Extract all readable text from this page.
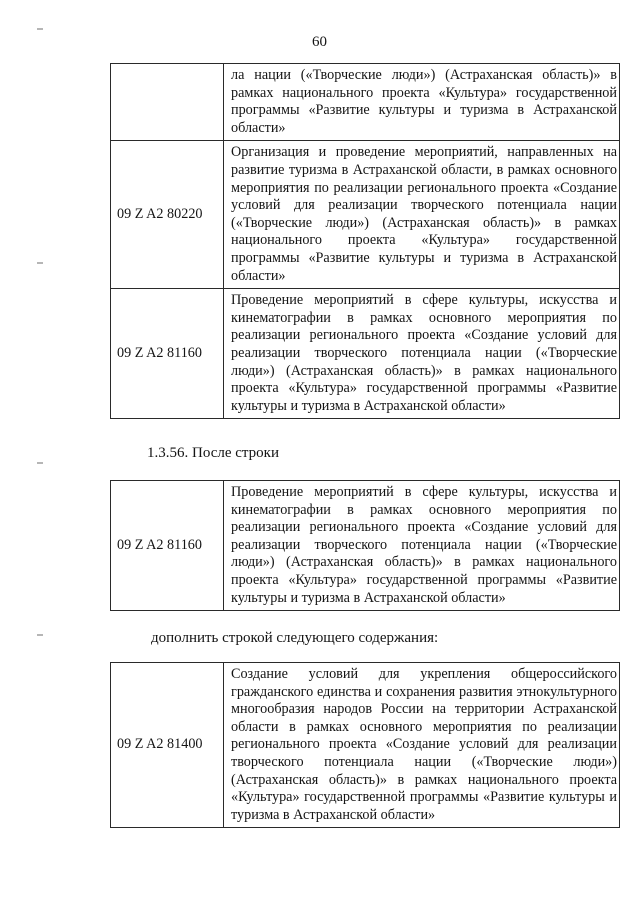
60
	ла нации («Творческие люди») (Астраханская область)» в рамках национального проекта «Культура» государственной программы «Развитие культуры и туризма в Астраханской области»
09 Z A2 80220	Организация и проведение мероприятий, направленных на развитие туризма в Астраханской области, в рамках основного мероприятия по реализации регионального проекта «Создание условий для реализации творческого потенциала нации («Творческие люди») (Астраханская область)» в рамках национального проекта «Культура» государственной программы «Развитие культуры и туризма в Астраханской области»
09 Z A2 81160	Проведение мероприятий в сфере культуры, искусства и кинематографии в рамках основного мероприятия по реализации регионального проекта «Создание условий для реализации творческого потенциала нации («Творческие люди») (Астраханская область)» в рамках национального проекта «Культура» государственной программы «Развитие культуры и туризма в Астраханской области»
1.3.56. После строки
09 Z A2 81160	Проведение мероприятий в сфере культуры, искусства и кинематографии в рамках основного мероприятия по реализации регионального проекта «Создание условий для реализации творческого потенциала нации («Творческие люди») (Астраханская область)» в рамках национального проекта «Культура» государственной программы «Развитие культуры и туризма в Астраханской области»
дополнить строкой следующего содержания:
09 Z A2 81400	Создание условий для укрепления общероссийского гражданского единства и сохранения развития этнокультурного многообразия народов России на территории Астраханской области в рамках основного мероприятия по реализации регионального проекта «Создание условий для реализации творческого потенциала нации («Творческие люди») (Астраханская область)» в рамках национального проекта «Культура» государственной программы «Развитие культуры и туризма в Астраханской области»
